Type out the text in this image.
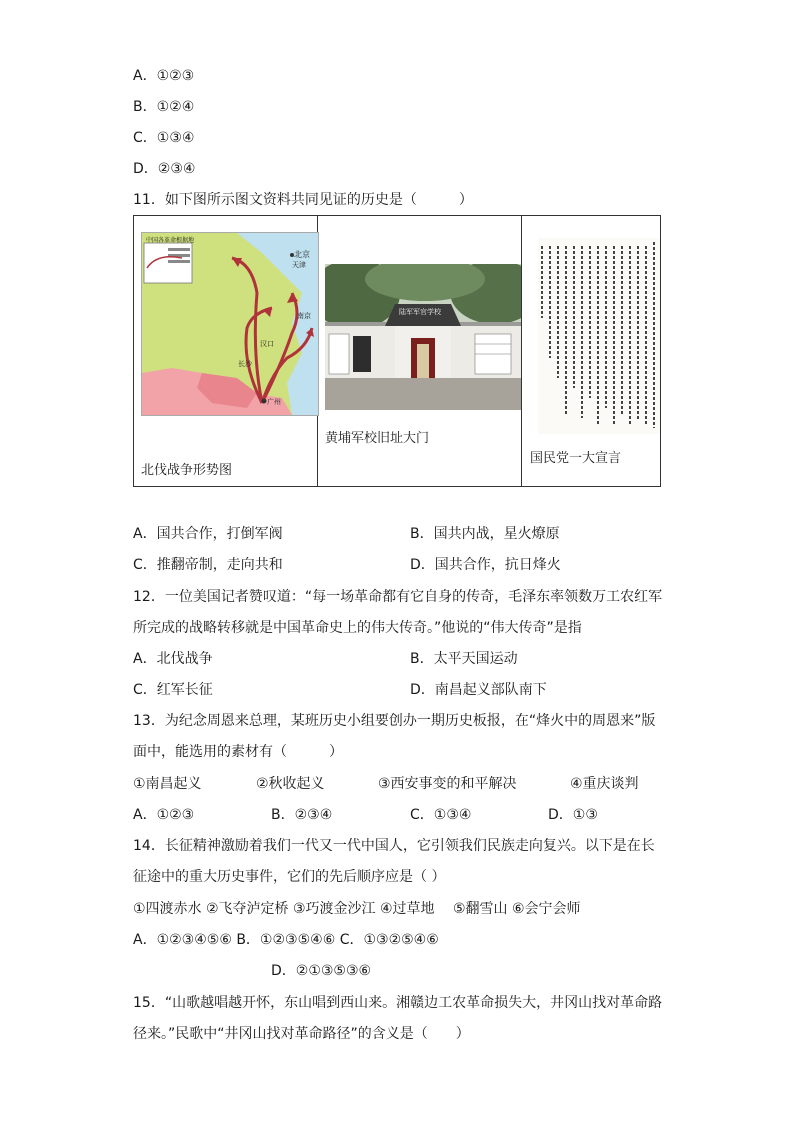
A．①②③
B．①②④
C．①③④
D．②③④
11．如下图所示图文资料共同见证的历史是（　　　）
中国各革命根据地
北京
天津
汉口
长沙
广州
南京
北伐战争形势图
陆军军官学校
黄埔军校旧址大门
国民党一大宣言
A．国共合作，打倒军阀	B．国共内战，星火燎原
C．推翻帝制，走向共和	D．国共合作，抗日烽火
12．一位美国记者赞叹道：“每一场革命都有它自身的传奇，毛泽东率领数万工农红军
所完成的战略转移就是中国革命史上的伟大传奇。”他说的“伟大传奇”是指
A．北伐战争	B．太平天国运动
C．红军长征	D．南昌起义部队南下
13．为纪念周恩来总理，某班历史小组要创办一期历史板报，在“烽火中的周恩来”版
面中，能选用的素材有（　　　）
①南昌起义	②秋收起义	③西安事变的和平解决	④重庆谈判
A．①②③	B．②③④	C．①③④	D．①③
14．长征精神激励着我们一代又一代中国人，它引领我们民族走向复兴。以下是在长
征途中的重大历史事件，它们的先后顺序应是（ ）
①四渡赤水 ②飞夺泸定桥 ③巧渡金沙江 ④过草地 　⑤翻雪山 ⑥会宁会师
A．①②③④⑤⑥ B．①②③⑤④⑥ C．①③②⑤④⑥
D．②①③⑤③⑥
15．“山歌越唱越开怀，东山唱到西山来。湘赣边工农革命损失大，井冈山找对革命路
径来。”民歌中“井冈山找对革命路径”的含义是（　　）
